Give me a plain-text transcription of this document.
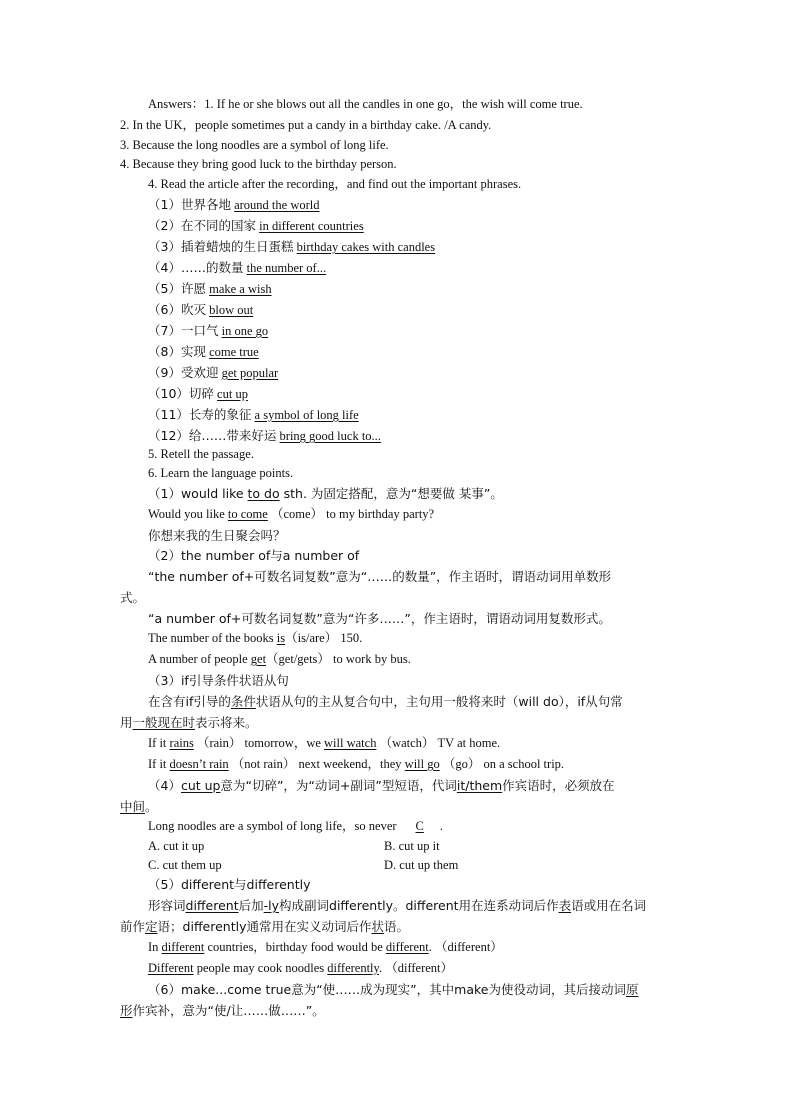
Answers：1. If he or she blows out all the candles in one go，the wish will come true.
2. In the UK，people sometimes put a candy in a birthday cake. /A candy.
3. Because the long noodles are a symbol of long life.
4. Because they bring good luck to the birthday person.
4. Read the article after the recording，and find out the important phrases.
（1）世界各地 around the world
（2）在不同的国家 in different countries
（3）插着蜡烛的生日蛋糕 birthday cakes with candles
（4）……的数量 the number of...
（5）许愿 make a wish
（6）吹灭 blow out
（7）一口气 in one go
（8）实现 come true
（9）受欢迎 get popular
（10）切碎 cut up
（11）长寿的象征 a symbol of long life
（12）给……带来好运 bring good luck to...
5. Retell the passage.
6. Learn the language points.
（1）would like to do sth. 为固定搭配，意为“想要做 某事”。
Would you like to come （come） to my birthday party?
你想来我的生日聚会吗？
（2）the number of与a number of
“the number of+可数名词复数”意为“……的数量”，作主语时，谓语动词用单数形
式。
“a number of+可数名词复数”意为“许多……”，作主语时，谓语动词用复数形式。
The number of the books is（is/are） 150.
A number of people get（get/gets） to work by bus.
（3）if引导条件状语从句
在含有if引导的条件状语从句的主从复合句中，主句用一般将来时（will do），if从句常
用一般现在时表示将来。
If it rains （rain） tomorrow，we will watch （watch） TV at home.
If it doesn’t rain （not rain） next weekend，they will go （go） on a school trip.
（4）cut up意为“切碎”，为“动词+副词”型短语，代词it/them作宾语时，必须放在
中间。
Long noodles are a symbol of long life，so never C .
A. cut it up	B. cut up it
C. cut them up	D. cut up them
（5）different与differently
形容词different后加-ly构成副词differently。different用在连系动词后作表语或用在名词
前作定语；differently通常用在实义动词后作状语。
In different countries，birthday food would be different. （different）
Different people may cook noodles differently. （different）
（6）make...come true意为“使……成为现实”，其中make为使役动词，其后接动词原
形作宾补，意为“使/让……做……”。
